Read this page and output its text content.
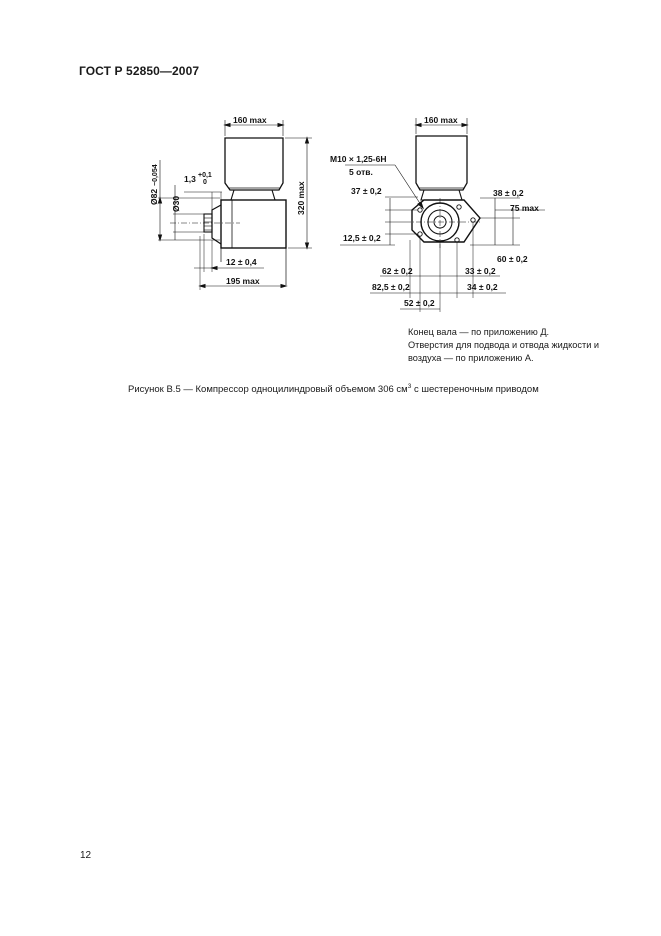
ГОСТ Р 52850—2007
160 max
320 max
Ø82
−0,054
Ø30
1,3 +0,1
0
12 ± 0,4
195 max
160 max
M10 × 1,25-6H
5 отв.
37 ± 0,2	38 ± 0,2
75 max
12,5 ± 0,2
60 ± 0,2
62 ± 0,2	33 ± 0,2
82,5 ± 0,2	34 ± 0,2
52 ± 0,2
Конец вала — по приложению Д.
Отверстия для подвода и отвода жидкости и
воздуха — по приложению А.
Рисунок В.5 — Компрессор одноцилиндровый объемом 306 $см^3$ с шестереночным приводом
12
